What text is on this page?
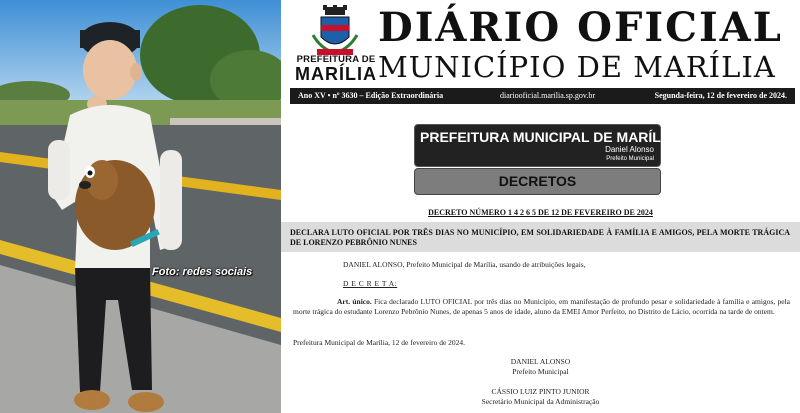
Foto: redes sociais
PREFEITURA DE
MARÍLIA
DIÁRIO OFICIAL
MUNICÍPIO DE MARÍLIA
Ano XV • nº 3630 – Edição Extraordinária	diariooficial.marilia.sp.gov.br	Segunda-feira, 12 de fevereiro de 2024.
PREFEITURA MUNICIPAL DE MARÍLIA
Daniel Alonso
Prefeito Municipal
DECRETOS
DECRETO NÚMERO 1 4 2 6 5 DE 12 DE FEVEREIRO DE 2024

DECLARA LUTO OFICIAL POR TRÊS DIAS NO MUNICÍPIO, EM SOLIDARIEDADE À FAMÍLIA E AMIGOS, PELA MORTE TRÁGICA DE LORENZO PEBRÔNIO NUNES

DANIEL ALONSO, Prefeito Municipal de Marília, usando de atribuições legais,
D E C R E T A:
Art. único. Fica declarado LUTO OFICIAL por três dias no Município, em manifestação de profundo pesar e solidariedade à família e amigos, pela morte trágica do estudante Lorenzo Pebrônio Nunes, de apenas 5 anos de idade, aluno da EMEI Amor Perfeito, no Distrito de Lácio, ocorrida na tarde de ontem.
Prefeitura Municipal de Marília, 12 de fevereiro de 2024.
DANIEL ALONSO
Prefeito Municipal
CÁSSIO LUIZ PINTO JUNIOR
Secretário Municipal da Administração
